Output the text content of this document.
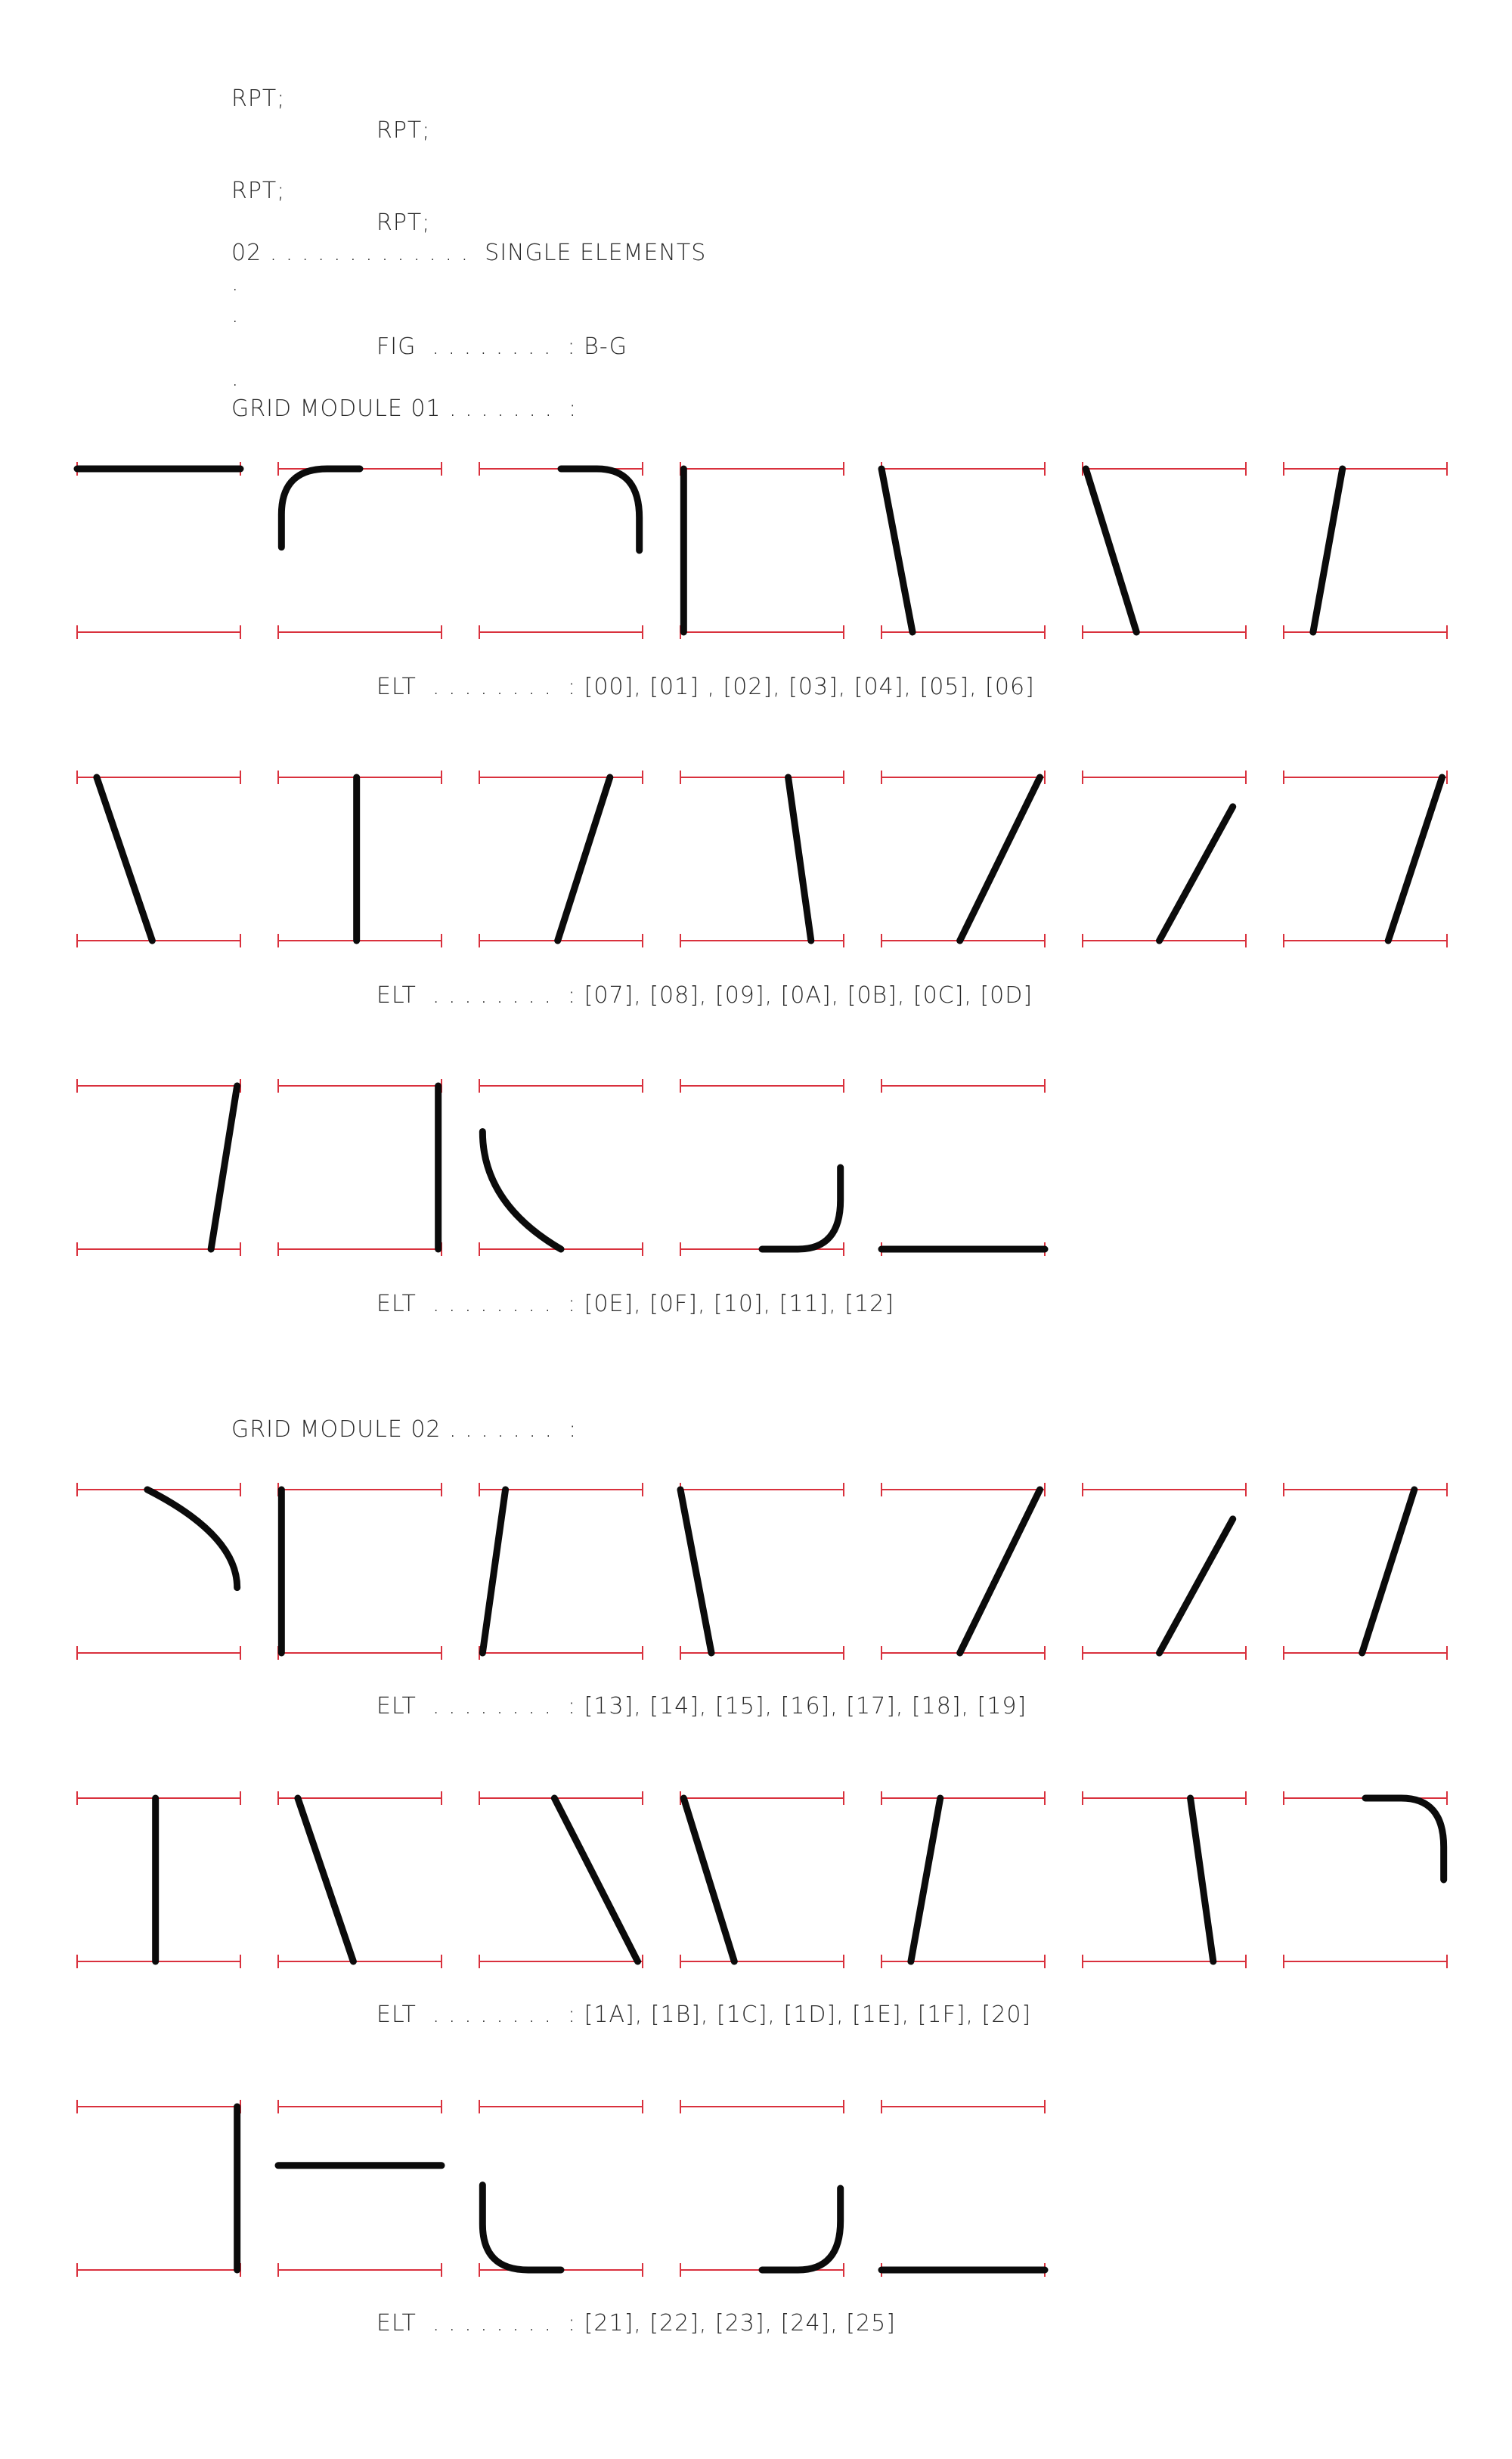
RPT;
RPT;
RPT;
RPT;
02 . . . . . . . . . . . . .  SINGLE ELEMENTS
.
.
FIG  . . . . . . . .  : B-G
.
GRID MODULE 01 . . . . . . .  :
GRID MODULE 02 . . . . . . .  :
ELT  . . . . . . . .  : [00], [01] , [02], [03], [04], [05], [06]
ELT  . . . . . . . .  : [07], [08], [09], [0A], [0B], [0C], [0D]
ELT  . . . . . . . .  : [0E], [0F], [10], [11], [12]
ELT  . . . . . . . .  : [13], [14], [15], [16], [17], [18], [19]
ELT  . . . . . . . .  : [1A], [1B], [1C], [1D], [1E], [1F], [20]
ELT  . . . . . . . .  : [21], [22], [23], [24], [25]
